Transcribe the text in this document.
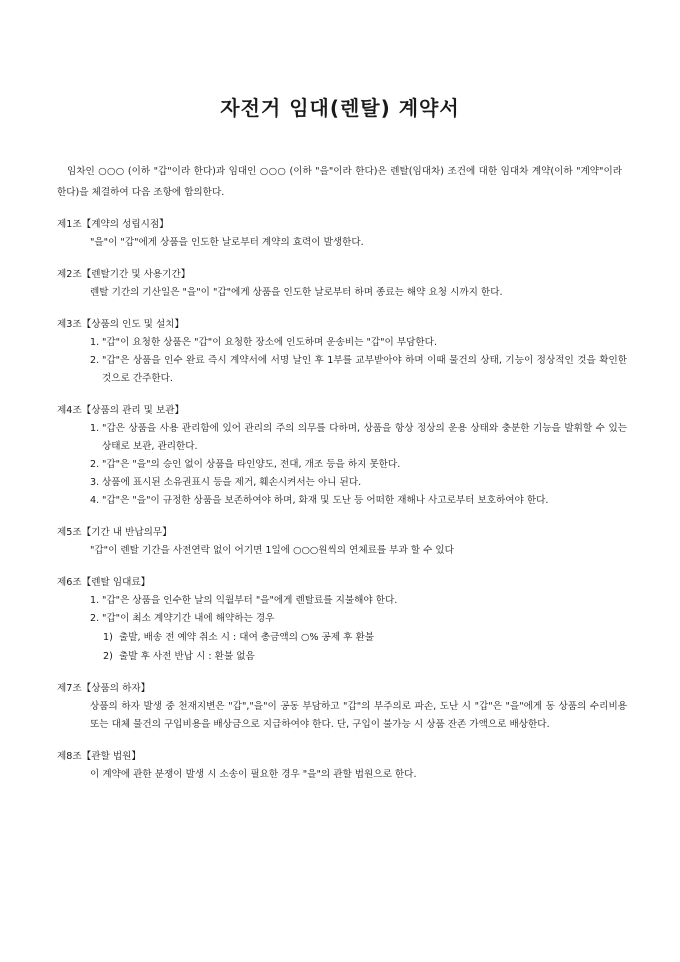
자전거 임대(렌탈) 계약서

임차인 ○○○ (이하 "갑"이라 한다)과 임대인 ○○○ (이하 "을"이라 한다)은 렌탈(임대차) 조건에 대한 임대차 계약(이하 "계약"이라 한다)을 체결하여 다음 조항에 합의한다.

제1조【계약의 성립시점】

"을"이 "갑"에게 상품을 인도한 날로부터 계약의 효력이 발생한다.

제2조【렌탈기간 및 사용기간】

렌탈 기간의 기산일은 "을"이 "갑"에게 상품을 인도한 날로부터 하며 종료는 해약 요청 시까지 한다.

제3조【상품의 인도 및 설치】

1. "갑"이 요청한 상품은 "갑"이 요청한 장소에 인도하며 운송비는 "갑"이 부담한다.
2. "갑"은 상품을 인수 완료 즉시 계약서에 서명 날인 후 1부를 교부받아야 하며 이때 물건의 상태, 기능이 정상적인 것을 확인한 것으로 간주한다.

제4조【상품의 관리 및 보관】

1. "갑은 상품을 사용 관리함에 있어 관리의 주의 의무를 다하며, 상품을 항상 정상의 운용 상태와 충분한 기능을 발휘할 수 있는 상태로 보관, 관리한다.
2. "갑"은 "을"의 승인 없이 상품을 타인양도, 전대, 개조 등을 하지 못한다.
3. 상품에 표시된 소유권표시 등을 제거, 훼손시켜서는 아니 된다.
4. "갑"은 "을"이 규정한 상품을 보존하여야 하며, 화재 및 도난 등 어떠한 재해나 사고로부터 보호하여야 한다.

제5조【기간 내 반납의무】

"갑"이 렌탈 기간을 사전연락 없이 어기면 1일에 ○○○원씩의 연체료를 부과 할 수 있다

제6조【렌탈 임대료】

1. "갑"은 상품을 인수한 날의 익월부터 "을"에게 렌탈료를 지불해야 한다.
2. "갑"이 최소 계약기간 내에 해약하는 경우
1) 출발, 배송 전 예약 취소 시 : 대여 총금액의 ○% 공제 후 환불
2) 출발 후 사전 반납 시 : 환불 없음

제7조【상품의 하자】

상품의 하자 발생 중 천재지변은 "갑","을"이 공동 부담하고 "갑"의 부주의로 파손, 도난 시 "갑"은 "을"에게 동 상품의 수리비용 또는 대체 물건의 구입비용을 배상금으로 지급하여야 한다. 단, 구입이 불가능 시 상품 잔존 가액으로 배상한다.

제8조【관할 법원】

이 계약에 관한 분쟁이 발생 시 소송이 필요한 경우 "을"의 관할 법원으로 한다.
